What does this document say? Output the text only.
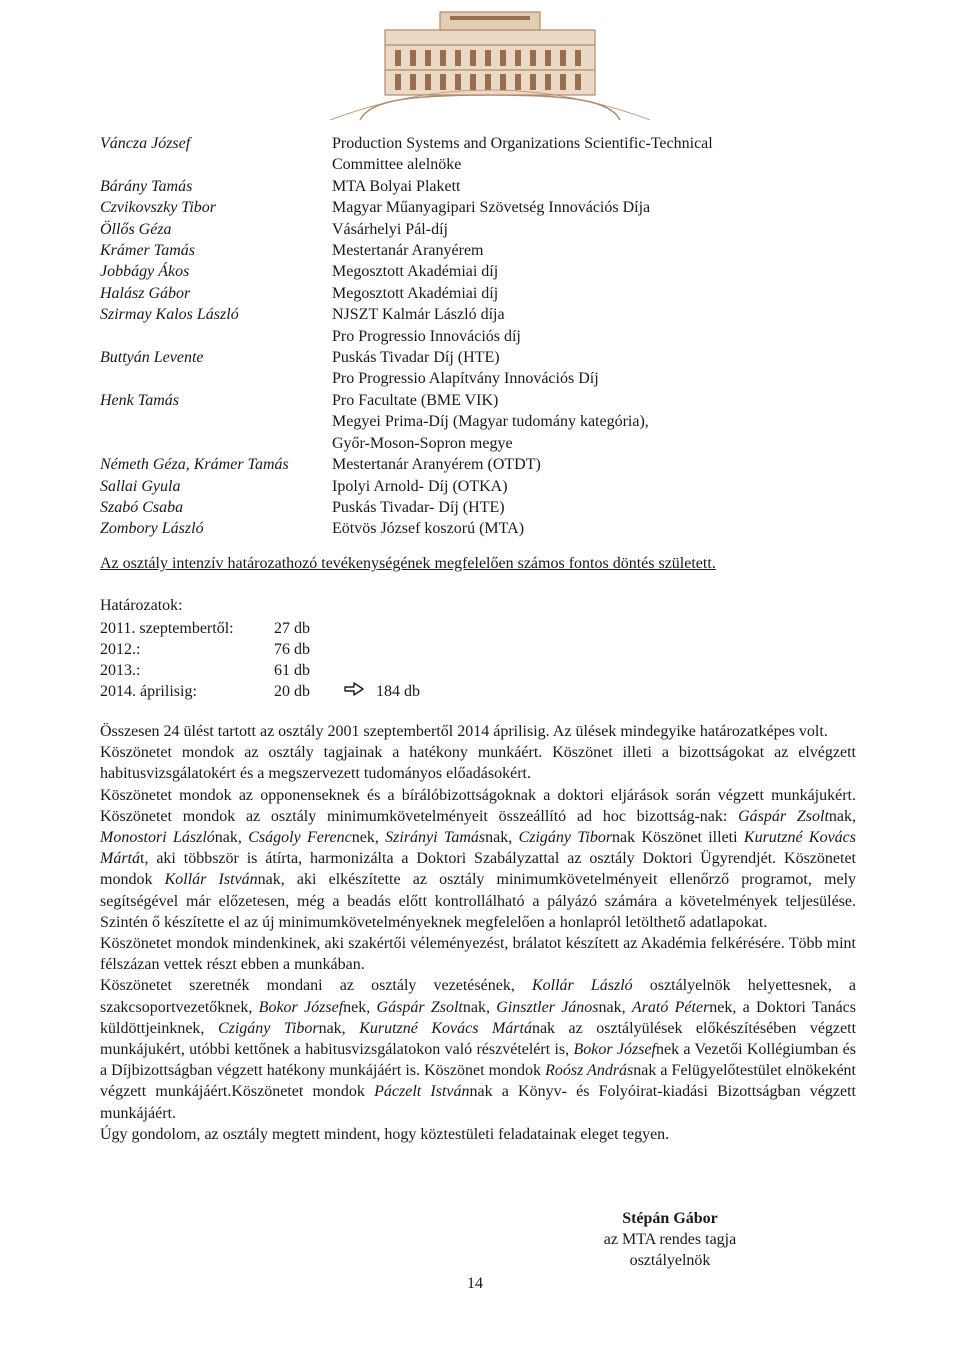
Váncza József	Production Systems and Organizations Scientific-Technical
Committee alelnöke
Bárány Tamás	MTA Bolyai Plakett
Czvikovszky Tibor	Magyar Műanyagipari Szövetség Innovációs Díja
Öllős Géza	Vásárhelyi Pál-díj
Krámer Tamás	Mestertanár Aranyérem
Jobbágy Ákos	Megosztott Akadémiai díj
Halász Gábor	Megosztott Akadémiai díj
Szirmay Kalos László	NJSZT Kalmár László díja
Pro Progressio Innovációs díj
Buttyán Levente	Puskás Tivadar Díj (HTE)
Pro Progressio Alapítvány Innovációs Díj
Henk Tamás	Pro Facultate (BME VIK)
Megyei Prima-Díj (Magyar tudomány kategória),
Győr-Moson-Sopron megye
Németh Géza, Krámer Tamás	Mestertanár Aranyérem (OTDT)
Sallai Gyula	Ipolyi Arnold- Díj (OTKA)
Szabó Csaba	Puskás Tivadar- Díj (HTE)
Zombory László	Eötvös József koszorú (MTA)
Az osztály intenzív határozathozó tevékenységének megfelelően számos fontos döntés született.
Határozatok:
2011. szeptembertől:	27 db
2012.:	76 db
2013.:	61 db
2014. áprilisig:	20 db	184 db

Összesen 24 ülést tartott az osztály 2001 szeptembertől 2014 áprilisig. Az ülések mindegyike határozatképes volt.

Köszönetet mondok az osztály tagjainak a hatékony munkáért. Köszönet illeti a bizottságokat az elvégzett habitusvizsgálatokért és a megszervezett tudományos előadásokért.

Köszönetet mondok az opponenseknek és a bírálóbizottságoknak a doktori eljárások során végzett munkájukért. Köszönetet mondok az osztály minimumkövetelményeit összeállító ad hoc bizottság-nak: Gáspár Zsoltnak, Monostori Lászlónak, Cságoly Ferencnek, Szirányi Tamásnak, Czigány Tibornak Köszönet illeti Kurutzné Kovács Mártát, aki többször is átírta, harmonizálta a Doktori Szabályzattal az osztály Doktori Ügyrendjét. Köszönetet mondok Kollár Istvánnak, aki elkészítette az osztály minimumkövetelményeit ellenőrző programot, mely segítségével már előzetesen, még a beadás előtt kontrollálható a pályázó számára a követelmények teljesülése. Szintén ő készítette el az új minimumkövetelményeknek megfelelően a honlapról letölthető adatlapokat.

Köszönetet mondok mindenkinek, aki szakértői véleményezést, brálatot készített az Akadémia felkérésére. Több mint félszázan vettek részt ebben a munkában.

Köszönetet szeretnék mondani az osztály vezetésének, Kollár László osztályelnök helyettesnek, a szakcsoportvezetőknek, Bokor Józsefnek, Gáspár Zsoltnak, Ginsztler Jánosnak, Arató Péternek, a Doktori Tanács küldöttjeinknek, Czigány Tibornak, Kurutzné Kovács Mártának az osztályülések előkészítésében végzett munkájukért, utóbbi kettőnek a habitusvizsgálatokon való részvételért is, Bokor Józsefnek a Vezetői Kollégiumban és a Díjbizottságban végzett hatékony munkájáért is. Köszönet mondok Roósz Andrásnak a Felügyelőtestület elnökeként végzett munkájáért.Köszönetet mondok Páczelt Istvánnak a Könyv- és Folyóirat-kiadási Bizottságban végzett munkájáért.

Úgy gondolom, az osztály megtett mindent, hogy köztestületi feladatainak eleget tegyen.

Stépán Gábor
az MTA rendes tagja
osztályelnök
14
